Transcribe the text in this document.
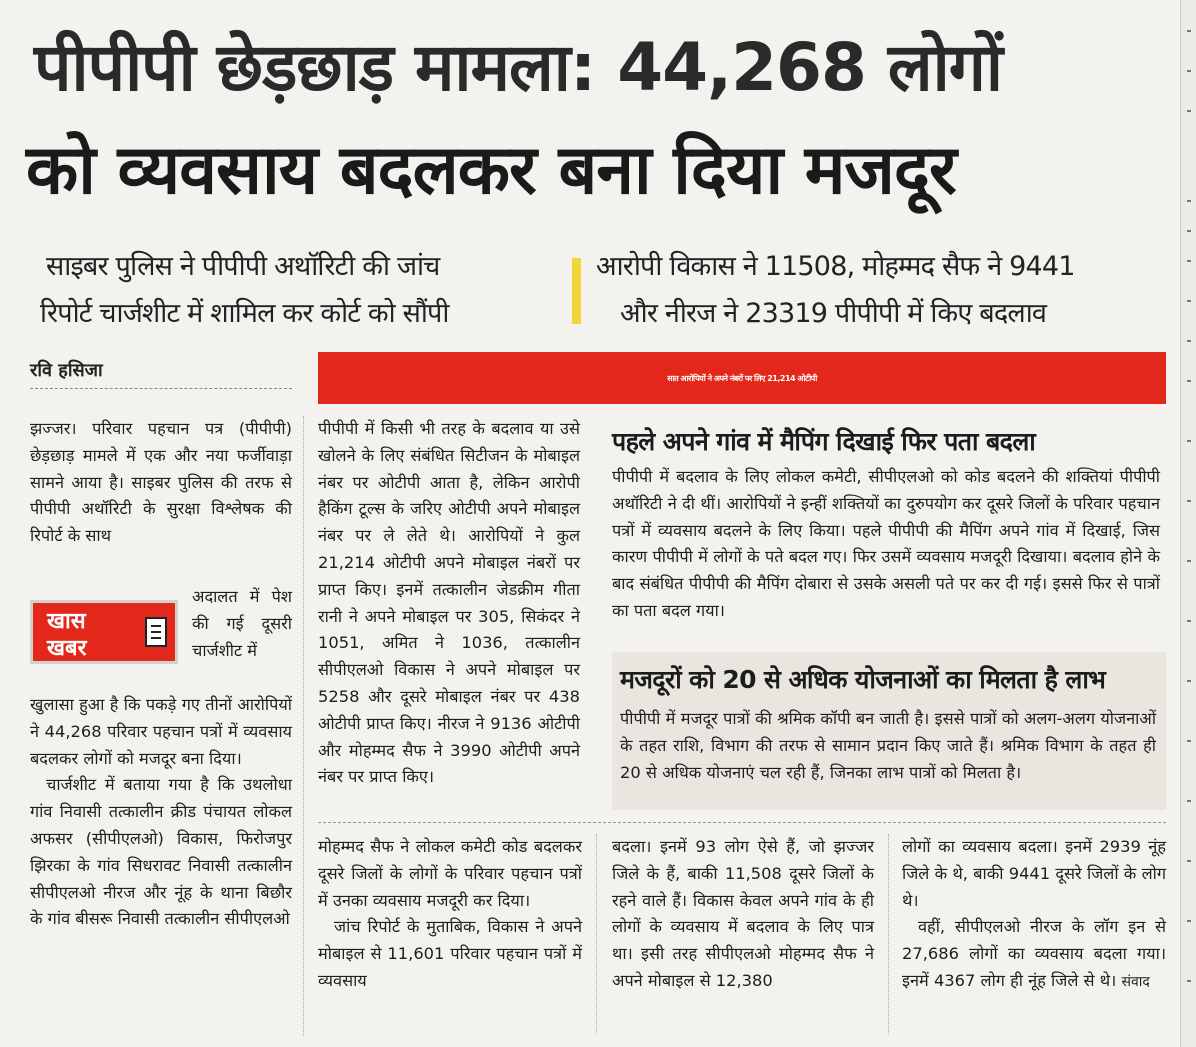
पीपीपी छेड़छाड़ मामला: 44,268 लोगों
को व्यवसाय बदलकर बना दिया मजदूर
साइबर पुलिस ने पीपीपी अथॉरिटी की जांच
रिपोर्ट चार्जशीट में शामिल कर कोर्ट को सौंपी
आरोपी विकास ने 11508, मोहम्मद सैफ ने 9441
और नीरज ने 23319 पीपीपी में किए बदलाव
रवि हसिजा	सात आरोपियों ने अपने नंबरों पर लिए 21,214 ओटीपी

झज्जर। परिवार पहचान पत्र (पीपीपी) छेड़छाड़ मामले में एक और नया फर्जीवाड़ा सामने आया है। साइबर पुलिस की तरफ से पीपीपी अथॉरिटी के सुरक्षा विश्लेषक की रिपोर्ट के साथ

खास
खबर

अदालत में पेश की गई दूसरी चार्जशीट में

खुलासा हुआ है कि पकड़े गए तीनों आरोपियों ने 44,268 परिवार पहचान पत्रों में व्यवसाय बदलकर लोगों को मजदूर बना दिया।

चार्जशीट में बताया गया है कि उथलोधा गांव निवासी तत्कालीन क्रीड पंचायत लोकल अफसर (सीपीएलओ) विकास, फिरोजपुर झिरका के गांव सिधरावट निवासी तत्कालीन सीपीएलओ नीरज और नूंह के थाना बिछौर के गांव बीसरू निवासी तत्कालीन सीपीएलओ

पीपीपी में किसी भी तरह के बदलाव या उसे खोलने के लिए संबंधित सिटीजन के मोबाइल नंबर पर ओटीपी आता है, लेकिन आरोपी हैकिंग टूल्स के जरिए ओटीपी अपने मोबाइल नंबर पर ले लेते थे। आरोपियों ने कुल 21,214 ओटीपी अपने मोबाइल नंबरों पर प्राप्त किए। इनमें तत्कालीन जेडक्रीम गीता रानी ने अपने मोबाइल पर 305, सिकंदर ने 1051, अमित ने 1036, तत्कालीन सीपीएलओ विकास ने अपने मोबाइल पर 5258 और दूसरे मोबाइल नंबर पर 438 ओटीपी प्राप्त किए। नीरज ने 9136 ओटीपी और मोहम्मद सैफ ने 3990 ओटीपी अपने नंबर पर प्राप्त किए।

पहले अपने गांव में मैपिंग दिखाई फिर पता बदला

पीपीपी में बदलाव के लिए लोकल कमेटी, सीपीएलओ को कोड बदलने की शक्तियां पीपीपी अथॉरिटी ने दी थीं। आरोपियों ने इन्हीं शक्तियों का दुरुपयोग कर दूसरे जिलों के परिवार पहचान पत्रों में व्यवसाय बदलने के लिए किया। पहले पीपीपी की मैपिंग अपने गांव में दिखाई, जिस कारण पीपीपी में लोगों के पते बदल गए। फिर उसमें व्यवसाय मजदूरी दिखाया। बदलाव होने के बाद संबंधित पीपीपी की मैपिंग दोबारा से उसके असली पते पर कर दी गई। इससे फिर से पात्रों का पता बदल गया।

मजदूरों को 20 से अधिक योजनाओं का मिलता है लाभ

पीपीपी में मजदूर पात्रों की श्रमिक कॉपी बन जाती है। इससे पात्रों को अलग-अलग योजनाओं के तहत राशि, विभाग की तरफ से सामान प्रदान किए जाते हैं। श्रमिक विभाग के तहत ही 20 से अधिक योजनाएं चल रही हैं, जिनका लाभ पात्रों को मिलता है।

मोहम्मद सैफ ने लोकल कमेटी कोड बदलकर दूसरे जिलों के लोगों के परिवार पहचान पत्रों में उनका व्यवसाय मजदूरी कर दिया।

जांच रिपोर्ट के मुताबिक, विकास ने अपने मोबाइल से 11,601 परिवार पहचान पत्रों में व्यवसाय

बदला। इनमें 93 लोग ऐसे हैं, जो झज्जर जिले के हैं, बाकी 11,508 दूसरे जिलों के रहने वाले हैं। विकास केवल अपने गांव के ही लोगों के व्यवसाय में बदलाव के लिए पात्र था। इसी तरह सीपीएलओ मोहम्मद सैफ ने अपने मोबाइल से 12,380

लोगों का व्यवसाय बदला। इनमें 2939 नूंह जिले के थे, बाकी 9441 दूसरे जिलों के लोग थे।

वहीं, सीपीएलओ नीरज के लॉग इन से 27,686 लोगों का व्यवसाय बदला गया। इनमें 4367 लोग ही नूंह जिले से थे। संवाद
